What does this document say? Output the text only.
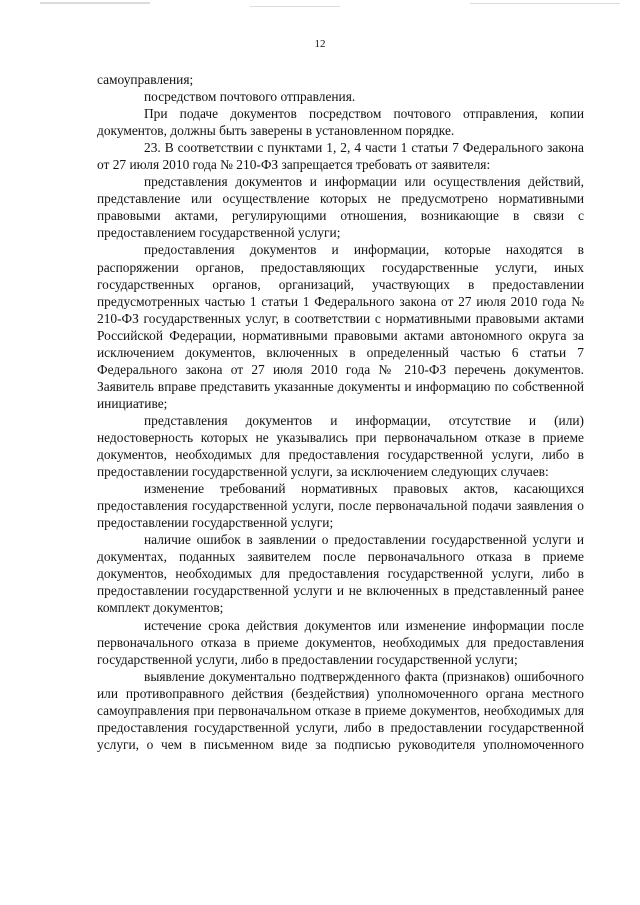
12

самоуправления;

посредством почтового отправления.

При подаче документов посредством почтового отправления, копии документов, должны быть заверены в установленном порядке.

23. В соответствии с пунктами 1, 2, 4 части 1 статьи 7 Федерального закона от 27 июля 2010 года № 210-ФЗ запрещается требовать от заявителя:

представления документов и информации или осуществления действий, представление или осуществление которых не предусмотрено нормативными правовыми актами, регулирующими отношения, возникающие в связи с предоставлением государственной услуги;

предоставления документов и информации, которые находятся в распоряжении органов, предоставляющих государственные услуги, иных государственных органов, организаций, участвующих в предоставлении предусмотренных частью 1 статьи 1 Федерального закона от 27 июля 2010 года № 210-ФЗ государственных услуг, в соответствии с нормативными правовыми актами Российской Федерации, нормативными правовыми актами автономного округа за исключением документов, включенных в определенный частью 6 статьи 7 Федерального закона от 27 июля 2010 года № 210-ФЗ перечень документов. Заявитель вправе представить указанные документы и информацию по собственной инициативе;

представления документов и информации, отсутствие и (или) недостоверность которых не указывались при первоначальном отказе в приеме документов, необходимых для предоставления государственной услуги, либо в предоставлении государственной услуги, за исключением следующих случаев:

изменение требований нормативных правовых актов, касающихся предоставления государственной услуги, после первоначальной подачи заявления о предоставлении государственной услуги;

наличие ошибок в заявлении о предоставлении государственной услуги и документах, поданных заявителем после первоначального отказа в приеме документов, необходимых для предоставления государственной услуги, либо в предоставлении государственной услуги и не включенных в представленный ранее комплект документов;

истечение срока действия документов или изменение информации после первоначального отказа в приеме документов, необходимых для предоставления государственной услуги, либо в предоставлении государственной услуги;

выявление документально подтвержденного факта (признаков) ошибочного или противоправного действия (бездействия) уполномоченного органа местного самоуправления при первоначальном отказе в приеме документов, необходимых для предоставления государственной услуги, либо в предоставлении государственной услуги, о чем в письменном виде за подписью руководителя уполномоченного
